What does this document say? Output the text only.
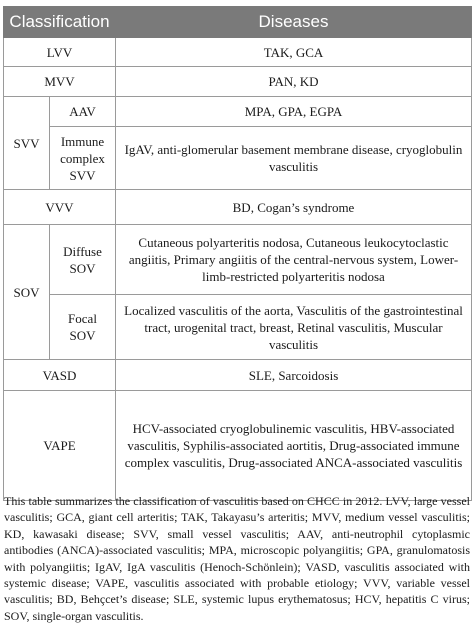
Classification		Diseases
LVV		TAK, GCA
MVV		PAN, KD
SVV	AAV	MPA, GPA, EGPA
	Immune complex SVV	IgAV, anti-glomerular basement membrane disease, cryoglobulin vasculitis
VVV		BD, Cogan’s syndrome
SOV	Diffuse SOV	Cutaneous polyarteritis nodosa, Cutaneous leukocytoclastic angiitis, Primary angiitis of the central-nervous system, Lower-limb-restricted polyarteritis nodosa
	Focal SOV	Localized vasculitis of the aorta, Vasculitis of the gastrointestinal tract, urogenital tract, breast, Retinal vasculitis, Muscular vasculitis
VASD		SLE, Sarcoidosis
VAPE		HCV-associated cryoglobulinemic vasculitis, HBV-associated vasculitis, Syphilis-associated aortitis, Drug-associated immune complex vasculitis, Drug-associated ANCA-associated vasculitis
This table summarizes the classification of vasculitis based on CHCC in 2012. LVV, large vessel vasculitis; GCA, giant cell arteritis; TAK, Takayasu’s arteritis; MVV, medium vessel vasculitis; KD, kawasaki disease; SVV, small vessel vasculitis; AAV, anti-neutrophil cytoplasmic antibodies (ANCA)-associated vasculitis; MPA, microscopic polyangiitis; GPA, granulomatosis with polyangiitis; IgAV, IgA vasculitis (Henoch-Schönlein); VASD, vasculitis associated with systemic disease; VAPE, vasculitis associated with probable etiology; VVV, variable vessel vasculitis; BD, Behçcet’s disease; SLE, systemic lupus erythematosus; HCV, hepatitis C virus; SOV, single-organ vasculitis.
